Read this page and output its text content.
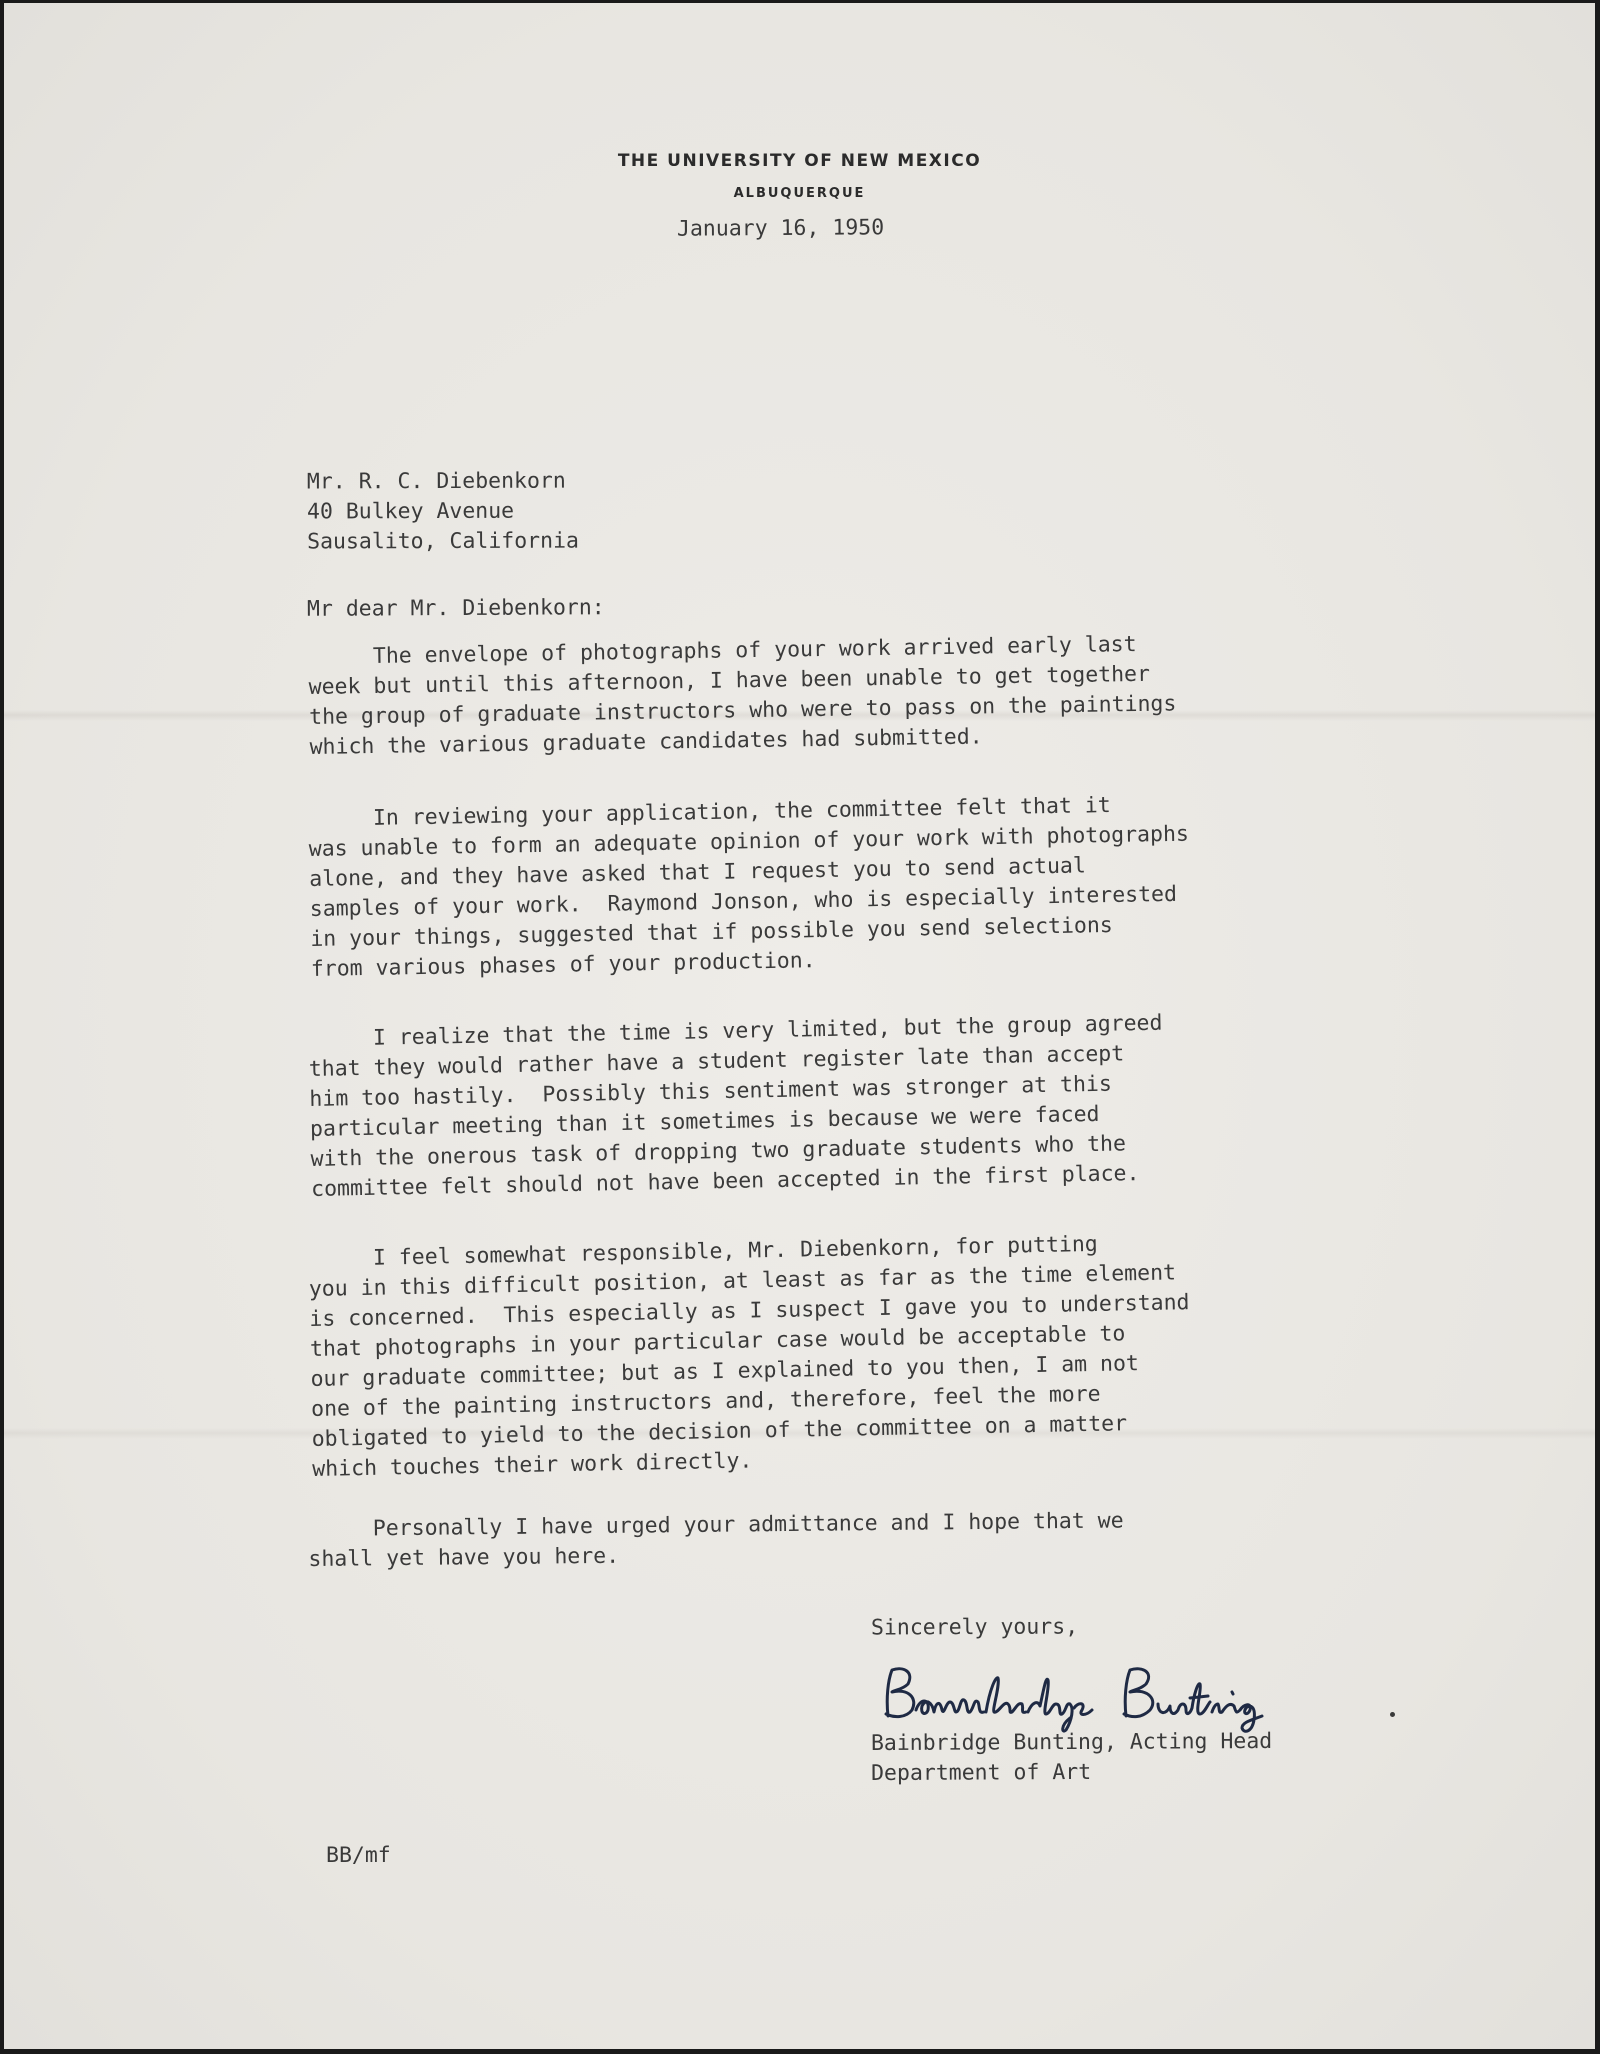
THE UNIVERSITY OF NEW MEXICO
ALBUQUERQUE
January 16, 1950
Mr. R. C. Diebenkorn
40 Bulkey Avenue
Sausalito, California
Mr dear Mr. Diebenkorn:
The envelope of photographs of your work arrived early last
week but until this afternoon, I have been unable to get together
the group of graduate instructors who were to pass on the paintings
which the various graduate candidates had submitted.
In reviewing your application, the committee felt that it
was unable to form an adequate opinion of your work with photographs
alone, and they have asked that I request you to send actual
samples of your work.  Raymond Jonson, who is especially interested
in your things, suggested that if possible you send selections
from various phases of your production.
I realize that the time is very limited, but the group agreed
that they would rather have a student register late than accept
him too hastily.  Possibly this sentiment was stronger at this
particular meeting than it sometimes is because we were faced
with the onerous task of dropping two graduate students who the
committee felt should not have been accepted in the first place.
I feel somewhat responsible, Mr. Diebenkorn, for putting
you in this difficult position, at least as far as the time element
is concerned.  This especially as I suspect I gave you to understand
that photographs in your particular case would be acceptable to
our graduate committee; but as I explained to you then, I am not
one of the painting instructors and, therefore, feel the more
obligated to yield to the decision of the committee on a matter
which touches their work directly.
Personally I have urged your admittance and I hope that we
shall yet have you here.
Sincerely yours,
Bainbridge Bunting, Acting Head
Department of Art
BB/mf
